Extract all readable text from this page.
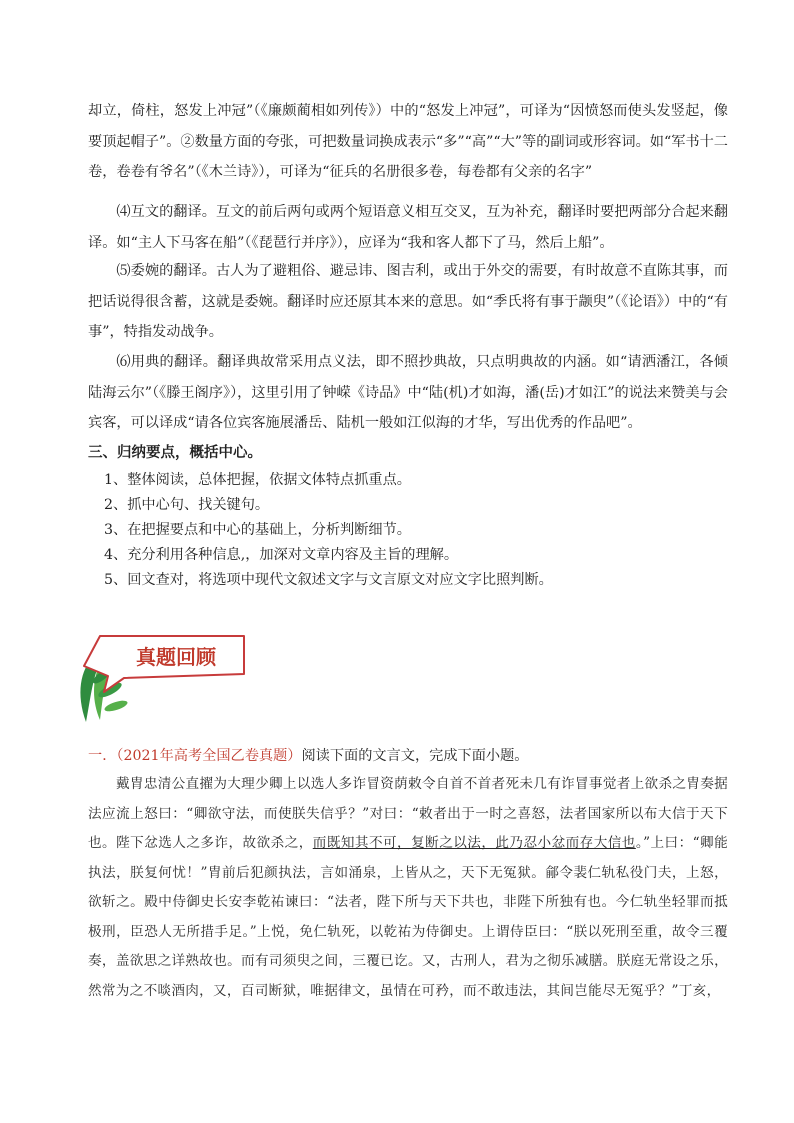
却立，倚柱，怒发上冲冠”（《廉颇蔺相如列传》）中的“怒发上冲冠”，可译为“因愤怒而使头发竖起，像要顶起帽子”。②数量方面的夸张，可把数量词换成表示“多”“高”“大”等的副词或形容词。如“军书十二卷，卷卷有爷名”（《木兰诗》），可译为“征兵的名册很多卷，每卷都有父亲的名字”

⑷互文的翻译。互文的前后两句或两个短语意义相互交叉，互为补充，翻译时要把两部分合起来翻译。如“主人下马客在船”（《琵琶行并序》），应译为“我和客人都下了马，然后上船”。

⑸委婉的翻译。古人为了避粗俗、避忌讳、图吉利，或出于外交的需要，有时故意不直陈其事，而把话说得很含蓄，这就是委婉。翻译时应还原其本来的意思。如“季氏将有事于颛臾”（《论语》）中的“有事”，特指发动战争。

⑹用典的翻译。翻译典故常采用点义法，即不照抄典故，只点明典故的内涵。如“请洒潘江，各倾陆海云尔”（《滕王阁序》），这里引用了钟嵘《诗品》中“陆(机)才如海，潘(岳)才如江”的说法来赞美与会宾客，可以译成“请各位宾客施展潘岳、陆机一般如江似海的才华，写出优秀的作品吧”。

三、归纳要点，概括中心。

1、整体阅读，总体把握，依据文体特点抓重点。
2、抓中心句、找关键句。
3、在把握要点和中心的基础上，分析判断细节。
4、充分利用各种信息,，加深对文章内容及主旨的理解。
5、回文查对，将选项中现代文叙述文字与文言原文对应文字比照判断。
真题回顾

一．（2021年高考全国乙卷真题）阅读下面的文言文，完成下面小题。

戴胄忠清公直擢为大理少卿上以选人多诈冒资荫敕令自首不首者死未几有诈冒事觉者上欲杀之胄奏据法应流上怒曰：“卿欲守法，而使朕失信乎？”对曰：“敕者出于一时之喜怒，法者国家所以布大信于天下也。陛下忿选人之多诈，故欲杀之，而既知其不可，复断之以法，此乃忍小忿而存大信也。”上曰：“卿能执法，朕复何忧！”胄前后犯颜执法，言如涌泉，上皆从之，天下无冤狱。鄃令裴仁轨私役门夫，上怒，欲斩之。殿中侍御史长安李乾祐谏曰：“法者，陛下所与天下共也，非陛下所独有也。今仁轨坐轻罪而抵极刑，臣恐人无所措手足。”上悦，免仁轨死，以乾祐为侍御史。上谓侍臣曰：“朕以死刑至重，故令三覆奏，盖欲思之详熟故也。而有司须臾之间，三覆已讫。又，古刑人，君为之彻乐减膳。朕庭无常设之乐，然常为之不啖酒肉，又，百司断狱，唯据律文，虽情在可矜，而不敢违法，其间岂能尽无冤乎？”丁亥，
